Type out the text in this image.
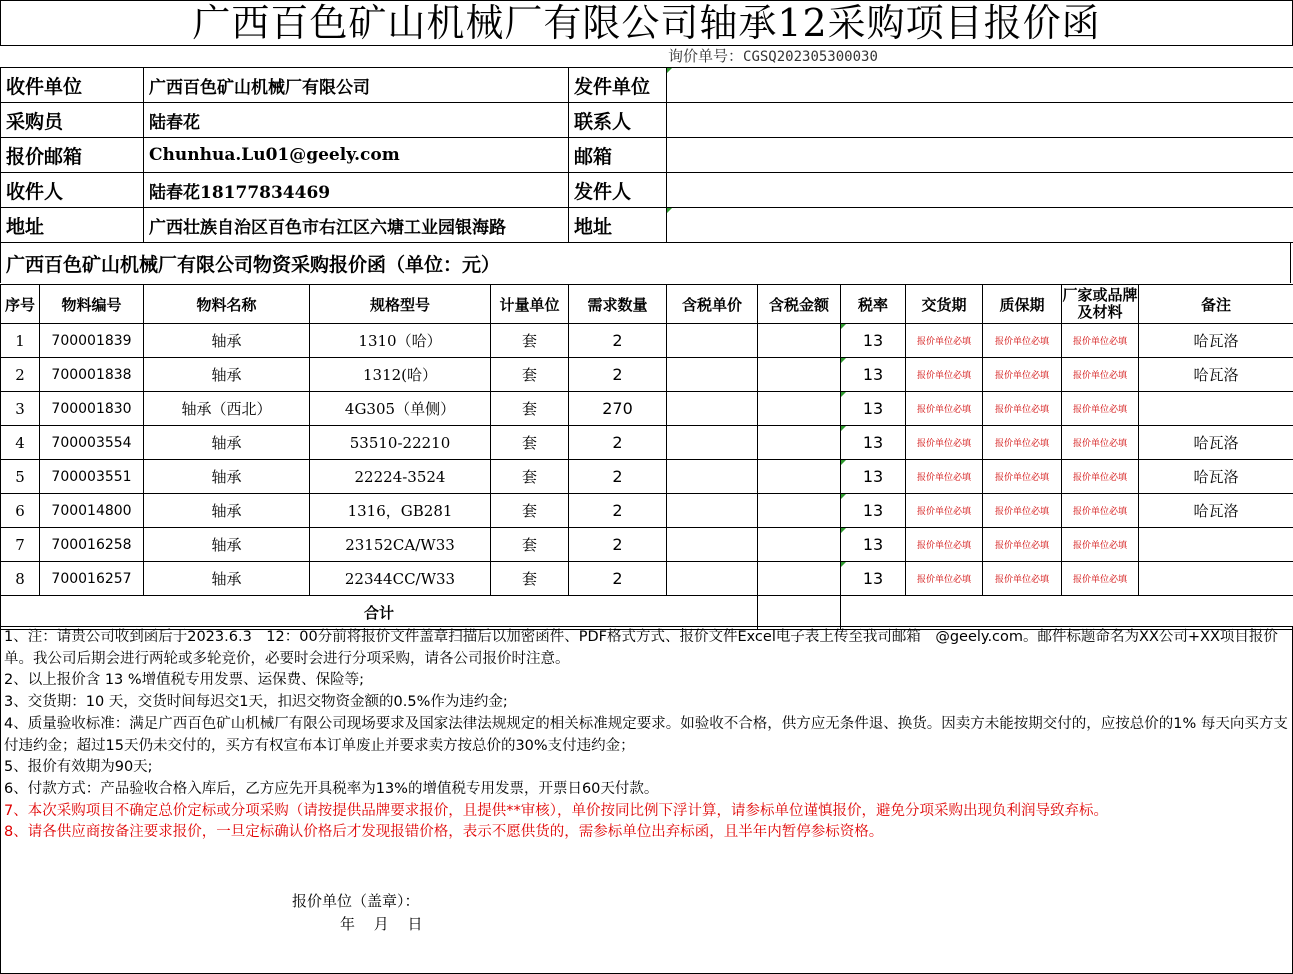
广西百色矿山机械厂有限公司轴承12采购项目报价函
询价单号：CGSQ202305300030
收件单位	广西百色矿山机械厂有限公司	发件单位	
采购员	陆春花	联系人	
报价邮箱	Chunhua.Lu01@geely.com	邮箱	
收件人	陆春花18177834469	发件人	
地址	广西壮族自治区百色市右江区六塘工业园银海路	地址	
广西百色矿山机械厂有限公司物资采购报价函（单位：元）
序号	物料编号	物料名称	规格型号	计量单位	需求数量	含税单价	含税金额	税率	交货期	质保期	厂家或品牌及材料	备注
1	700001839	轴承	1310（哈）	套	2			13	报价单位必填	报价单位必填	报价单位必填	哈瓦洛
2	700001838	轴承	1312(哈）	套	2			13	报价单位必填	报价单位必填	报价单位必填	哈瓦洛
3	700001830	轴承（西北）	4G305（单侧）	套	270			13	报价单位必填	报价单位必填	报价单位必填	
4	700003554	轴承	53510-22210	套	2			13	报价单位必填	报价单位必填	报价单位必填	哈瓦洛
5	700003551	轴承	22224-3524	套	2			13	报价单位必填	报价单位必填	报价单位必填	哈瓦洛
6	700014800	轴承	1316，GB281	套	2			13	报价单位必填	报价单位必填	报价单位必填	哈瓦洛
7	700016258	轴承	23152CA/W33	套	2			13	报价单位必填	报价单位必填	报价单位必填	
8	700016257	轴承	22344CC/W33	套	2			13	报价单位必填	报价单位必填	报价单位必填	
合计												

1、注：请贵公司收到函后于2023.6.3　12：00分前将报价文件盖章扫描后以加密函件、PDF格式方式、报价文件Excel电子表上传至我司邮箱　@geely.com。邮件标题命名为XX公司+XX项目报价单。我公司后期会进行两轮或多轮竞价，必要时会进行分项采购，请各公司报价时注意。

2、以上报价含 13 %增值税专用发票、运保费、保险等;

3、交货期：10 天，交货时间每迟交1天，扣迟交物资金额的0.5%作为违约金;

4、质量验收标准：满足广西百色矿山机械厂有限公司现场要求及国家法律法规规定的相关标准规定要求。如验收不合格，供方应无条件退、换货。因卖方未能按期交付的，应按总价的1% 每天向买方支付违约金；超过15天仍未交付的，买方有权宣布本订单废止并要求卖方按总价的30%支付违约金；

5、报价有效期为90天;

6、付款方式：产品验收合格入库后，乙方应先开具税率为13%的增值税专用发票，开票日60天付款。

7、本次采购项目不确定总价定标或分项采购（请按提供品牌要求报价，且提供**审核），单价按同比例下浮计算，请参标单位谨慎报价，避免分项采购出现负利润导致弃标。

8、请各供应商按备注要求报价，一旦定标确认价格后才发现报错价格，表示不愿供货的，需参标单位出弃标函，且半年内暂停参标资格。

报价单位（盖章）：
年 月 日
